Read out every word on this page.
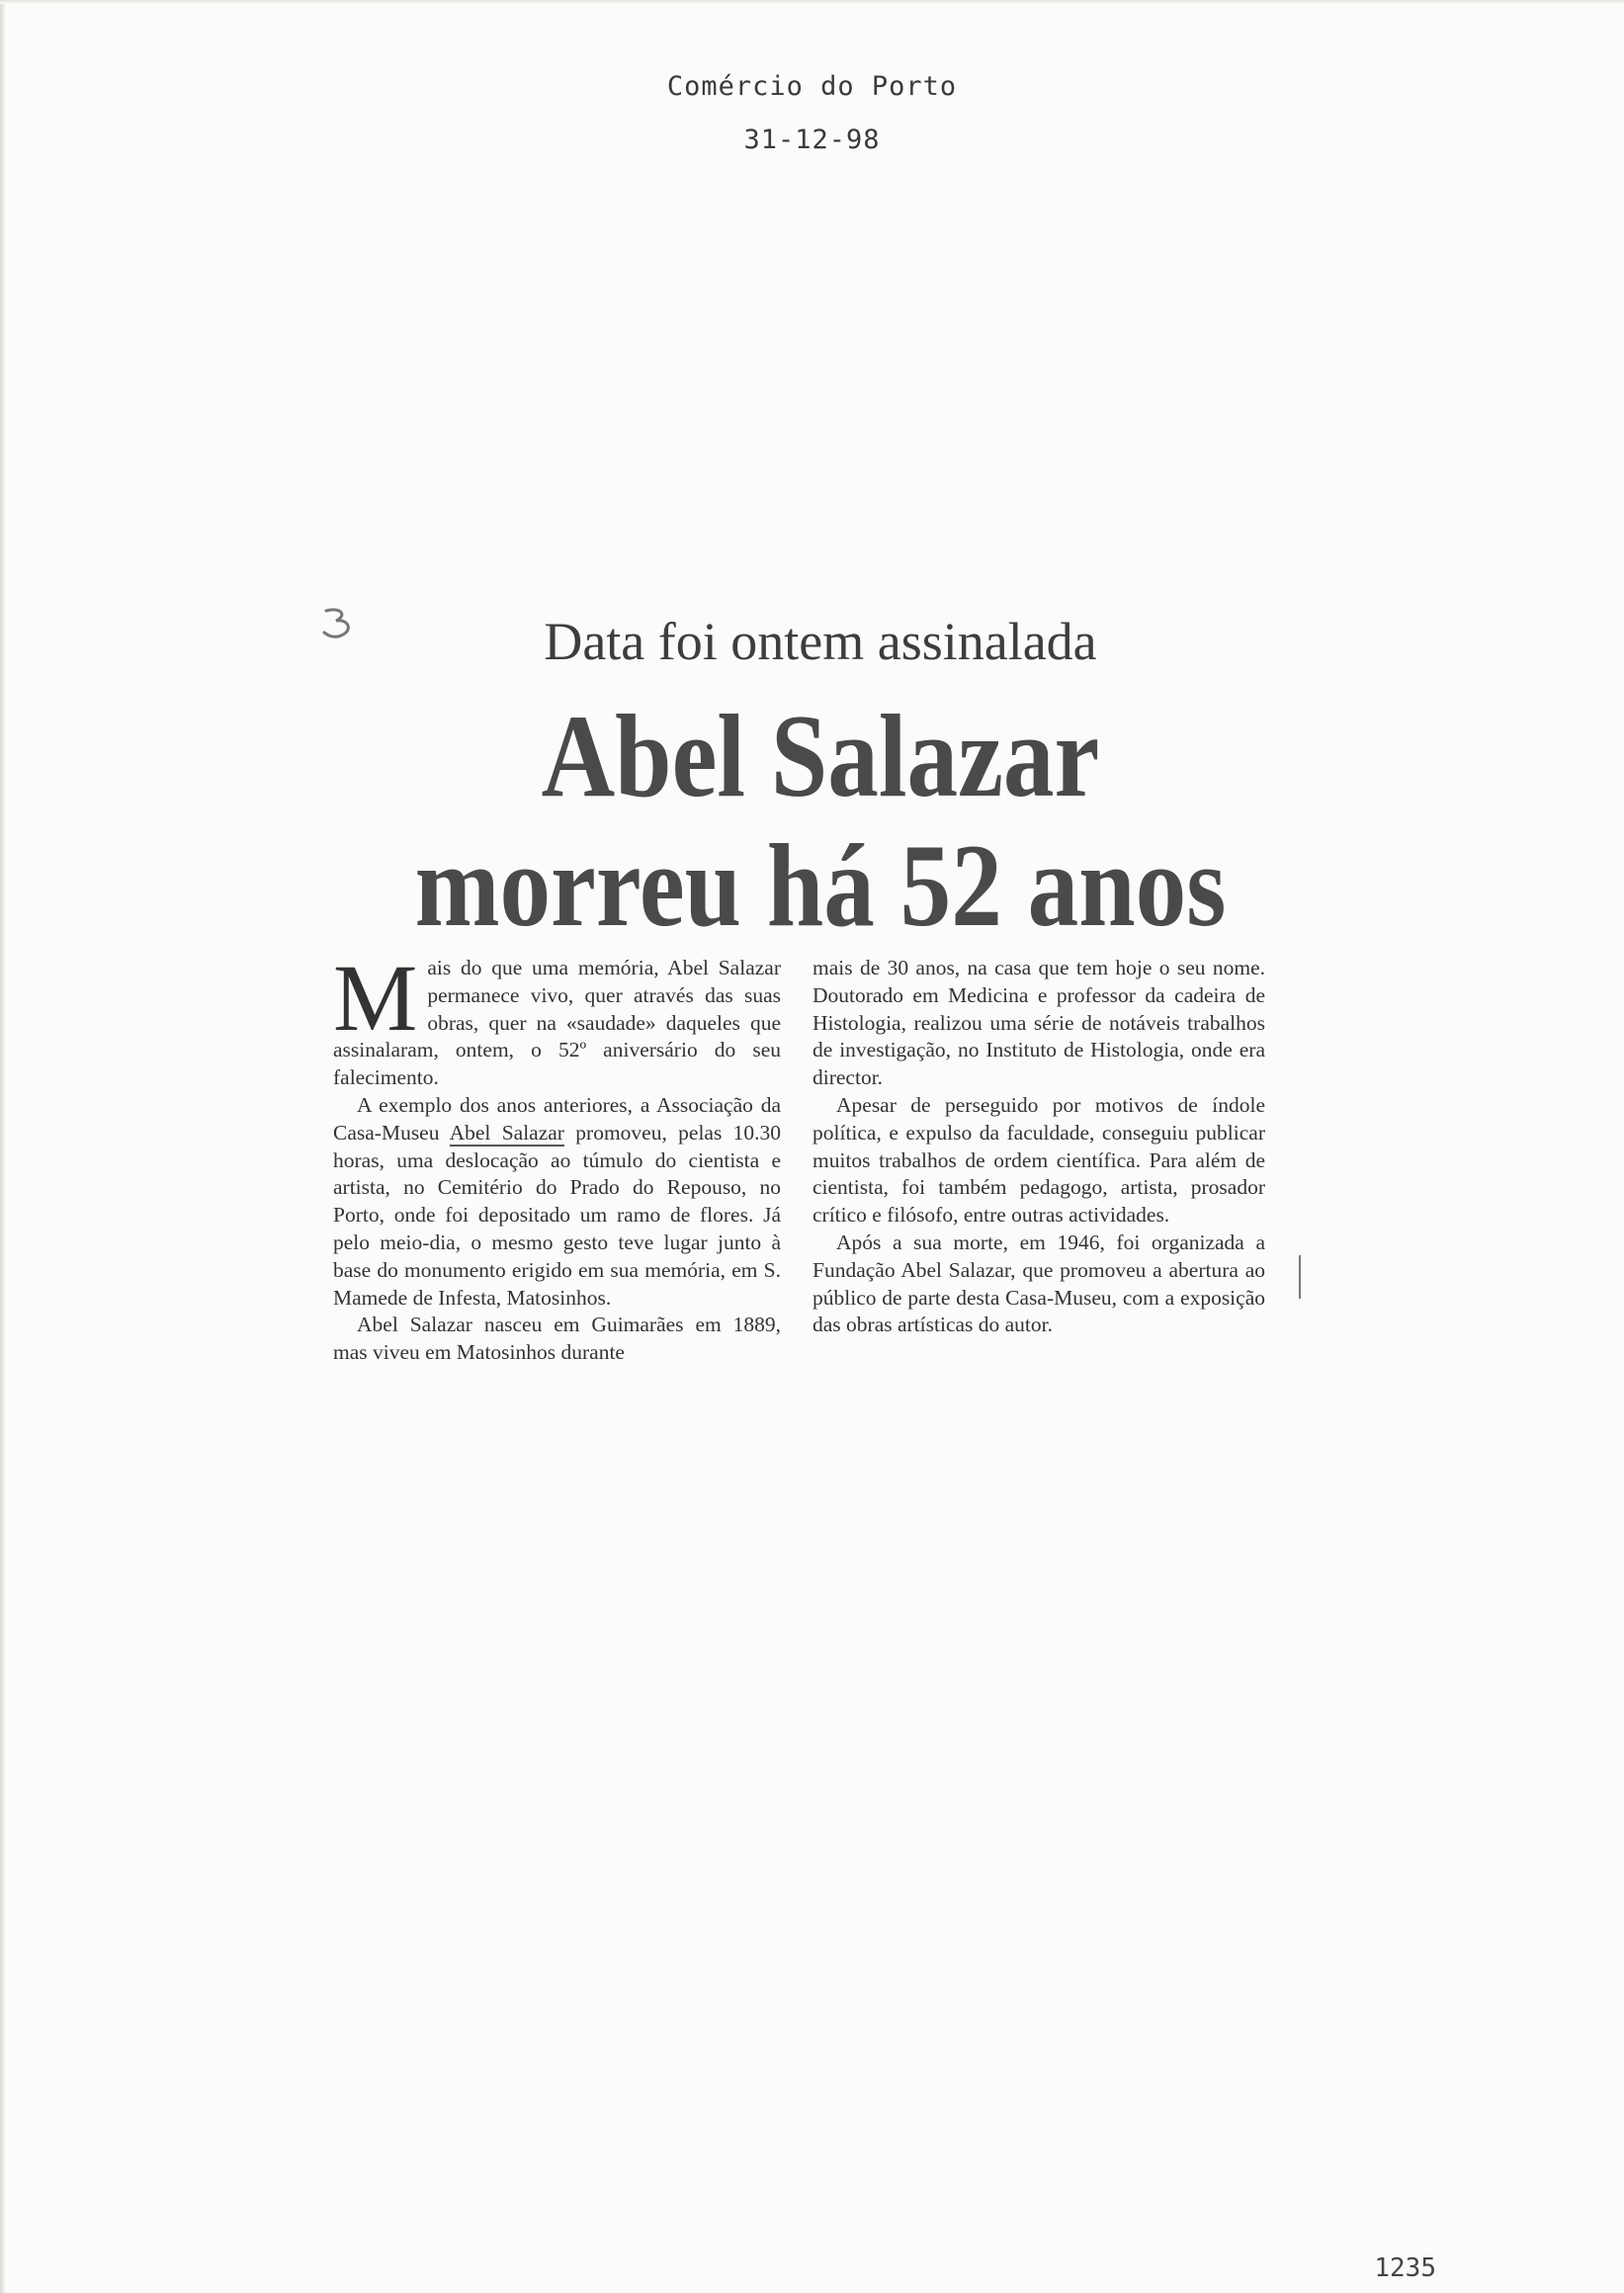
Comércio do Porto
31-12-98
Data foi ontem assinalada
Abel Salazar
morreu há 52 anos

Mais do que uma memória, Abel Salazar permanece vivo, quer através das suas obras, quer na «saudade» daqueles que assinalaram, ontem, o 52º aniversário do seu falecimento.

A exemplo dos anos anteriores, a Associação da Casa-Museu Abel Salazar promoveu, pelas 10.30 horas, uma deslocação ao túmulo do cientista e artista, no Cemitério do Prado do Repouso, no Porto, onde foi depositado um ramo de flores. Já pelo meio-dia, o mesmo gesto teve lugar junto à base do monumento erigido em sua memória, em S. Mamede de Infesta, Matosinhos.

Abel Salazar nasceu em Guimarães em 1889, mas viveu em Matosinhos durante

mais de 30 anos, na casa que tem hoje o seu nome. Doutorado em Medicina e professor da cadeira de Histologia, realizou uma série de notáveis trabalhos de investigação, no Instituto de Histologia, onde era director.

Apesar de perseguido por motivos de índole política, e expulso da faculdade, conseguiu publicar muitos trabalhos de ordem científica. Para além de cientista, foi também pedagogo, artista, prosador crítico e filósofo, entre outras actividades.

Após a sua morte, em 1946, foi organizada a Fundação Abel Salazar, que promoveu a abertura ao público de parte desta Casa-Museu, com a exposição das obras artísticas do autor.

1235
